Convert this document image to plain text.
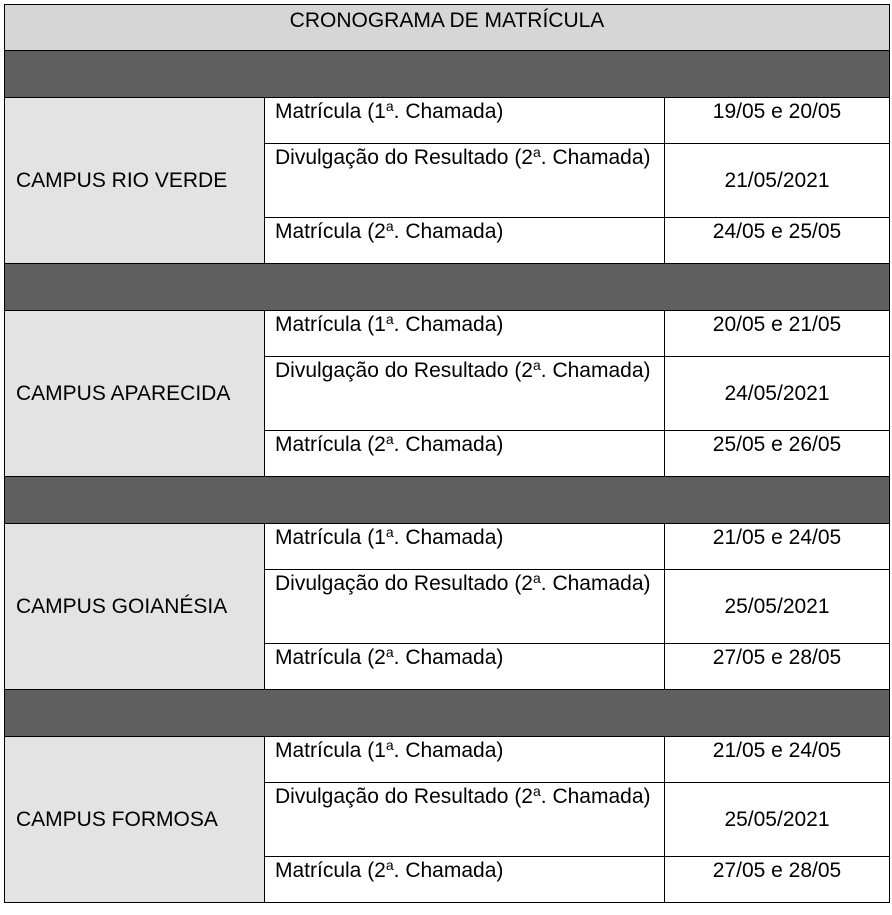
CRONOGRAMA DE MATRÍCULA		

CAMPUS RIO VERDE	Matrícula (1$^a$. Chamada)	19/05 e 20/05
	Divulgação do Resultado (2$^a$. Chamada)	21/05/2021
	Matrícula (2$^a$. Chamada)	24/05 e 25/05

CAMPUS APARECIDA	Matrícula (1$^a$. Chamada)	20/05 e 21/05
	Divulgação do Resultado (2$^a$. Chamada)	24/05/2021
	Matrícula (2$^a$. Chamada)	25/05 e 26/05

CAMPUS GOIANÉSIA	Matrícula (1$^a$. Chamada)	21/05 e 24/05
	Divulgação do Resultado (2$^a$. Chamada)	25/05/2021
	Matrícula (2$^a$. Chamada)	27/05 e 28/05

CAMPUS FORMOSA	Matrícula (1$^a$. Chamada)	21/05 e 24/05
	Divulgação do Resultado (2$^a$. Chamada)	25/05/2021
	Matrícula (2$^a$. Chamada)	27/05 e 28/05
